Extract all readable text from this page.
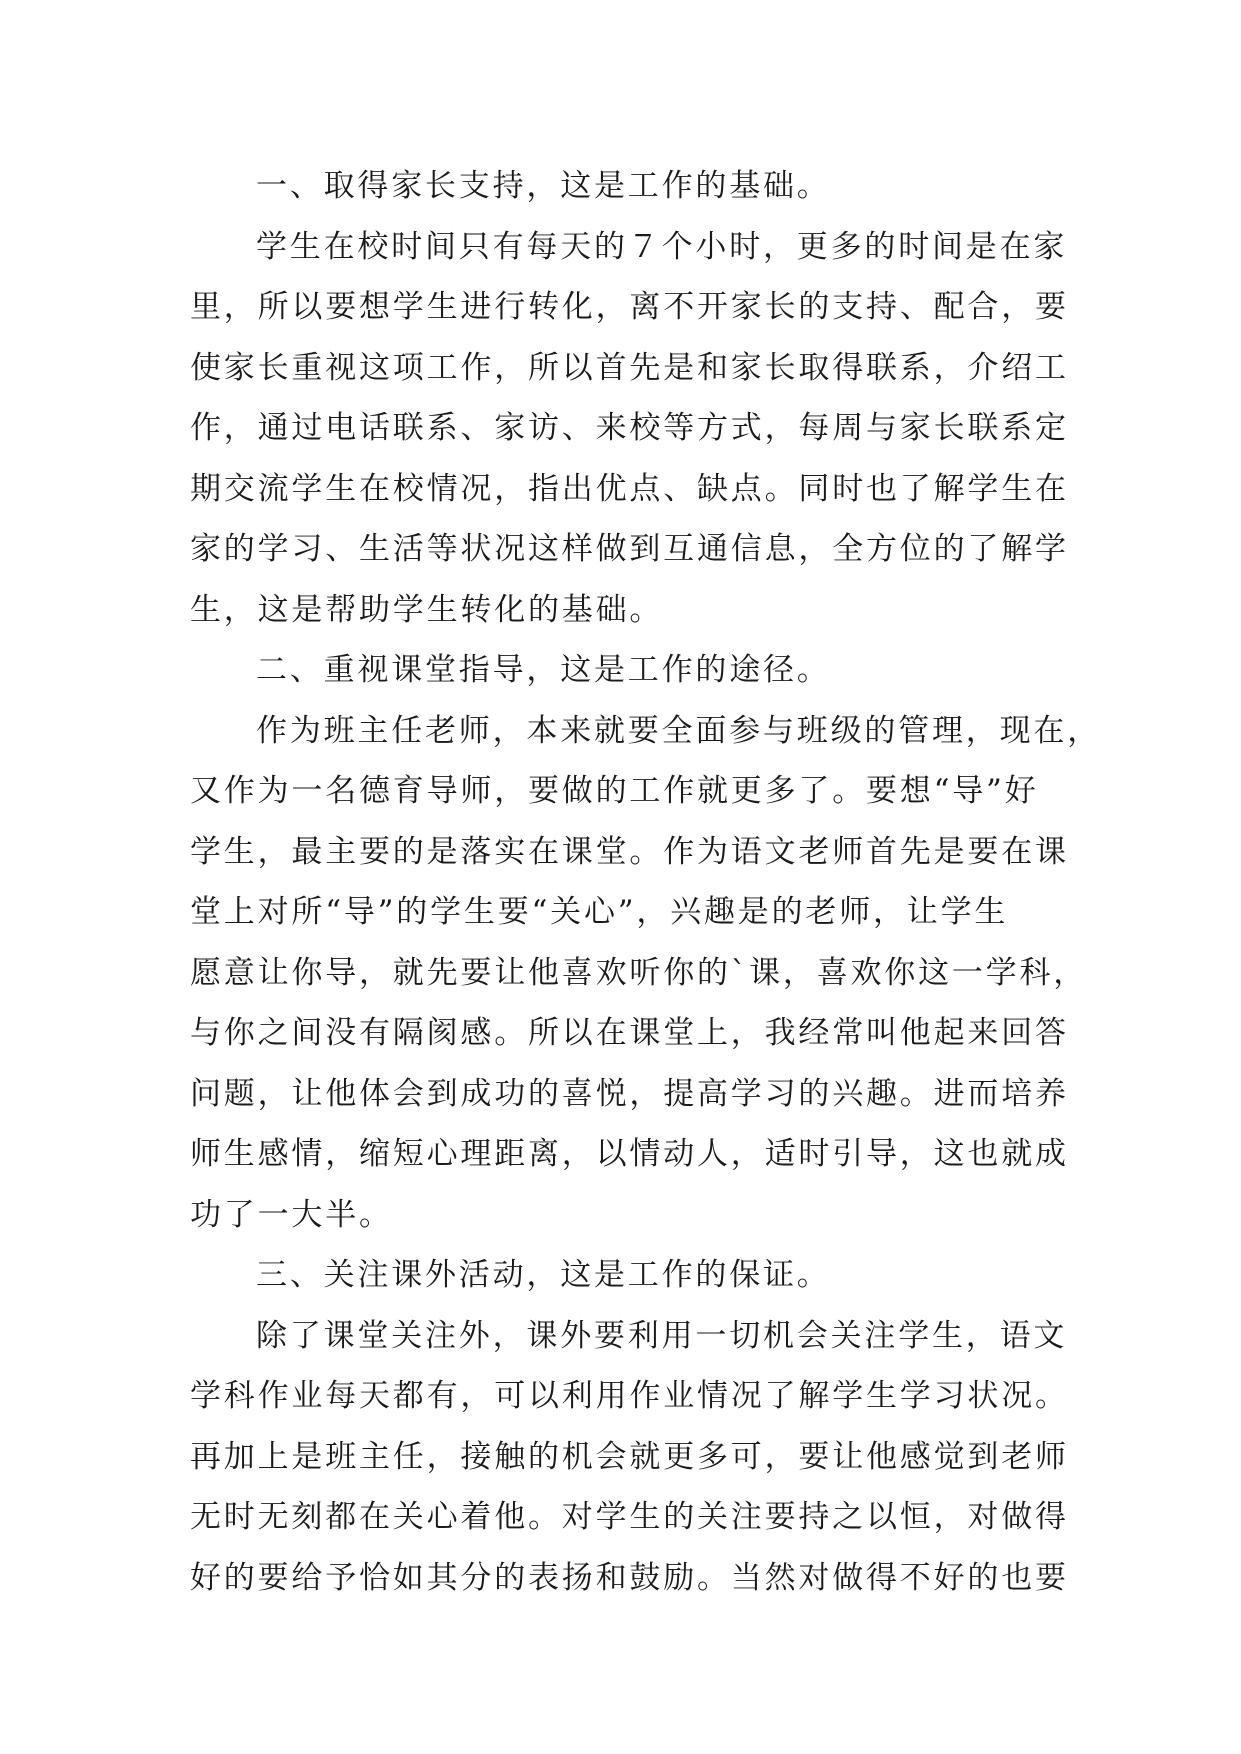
一、取得家长支持，这是工作的基础。
学生在校时间只有每天的７个小时，更多的时间是在家
里，所以要想学生进行转化，离不开家长的支持、配合，要
使家长重视这项工作，所以首先是和家长取得联系，介绍工
作，通过电话联系、家访、来校等方式，每周与家长联系定
期交流学生在校情况，指出优点、缺点。同时也了解学生在
家的学习、生活等状况这样做到互通信息，全方位的了解学
生，这是帮助学生转化的基础。
二、重视课堂指导，这是工作的途径。
作为班主任老师，本来就要全面参与班级的管理，现在，
又作为一名德育导师，要做的工作就更多了。要想“导”好
学生，最主要的是落实在课堂。作为语文老师首先是要在课
堂上对所“导”的学生要“关心”，兴趣是的老师，让学生
愿意让你导，就先要让他喜欢听你的`课，喜欢你这一学科，
与你之间没有隔阂感。所以在课堂上，我经常叫他起来回答
问题，让他体会到成功的喜悦，提高学习的兴趣。进而培养
师生感情，缩短心理距离，以情动人，适时引导，这也就成
功了一大半。
三、关注课外活动，这是工作的保证。
除了课堂关注外，课外要利用一切机会关注学生，语文
学科作业每天都有，可以利用作业情况了解学生学习状况。
再加上是班主任，接触的机会就更多可，要让他感觉到老师
无时无刻都在关心着他。对学生的关注要持之以恒，对做得
好的要给予恰如其分的表扬和鼓励。当然对做得不好的也要
